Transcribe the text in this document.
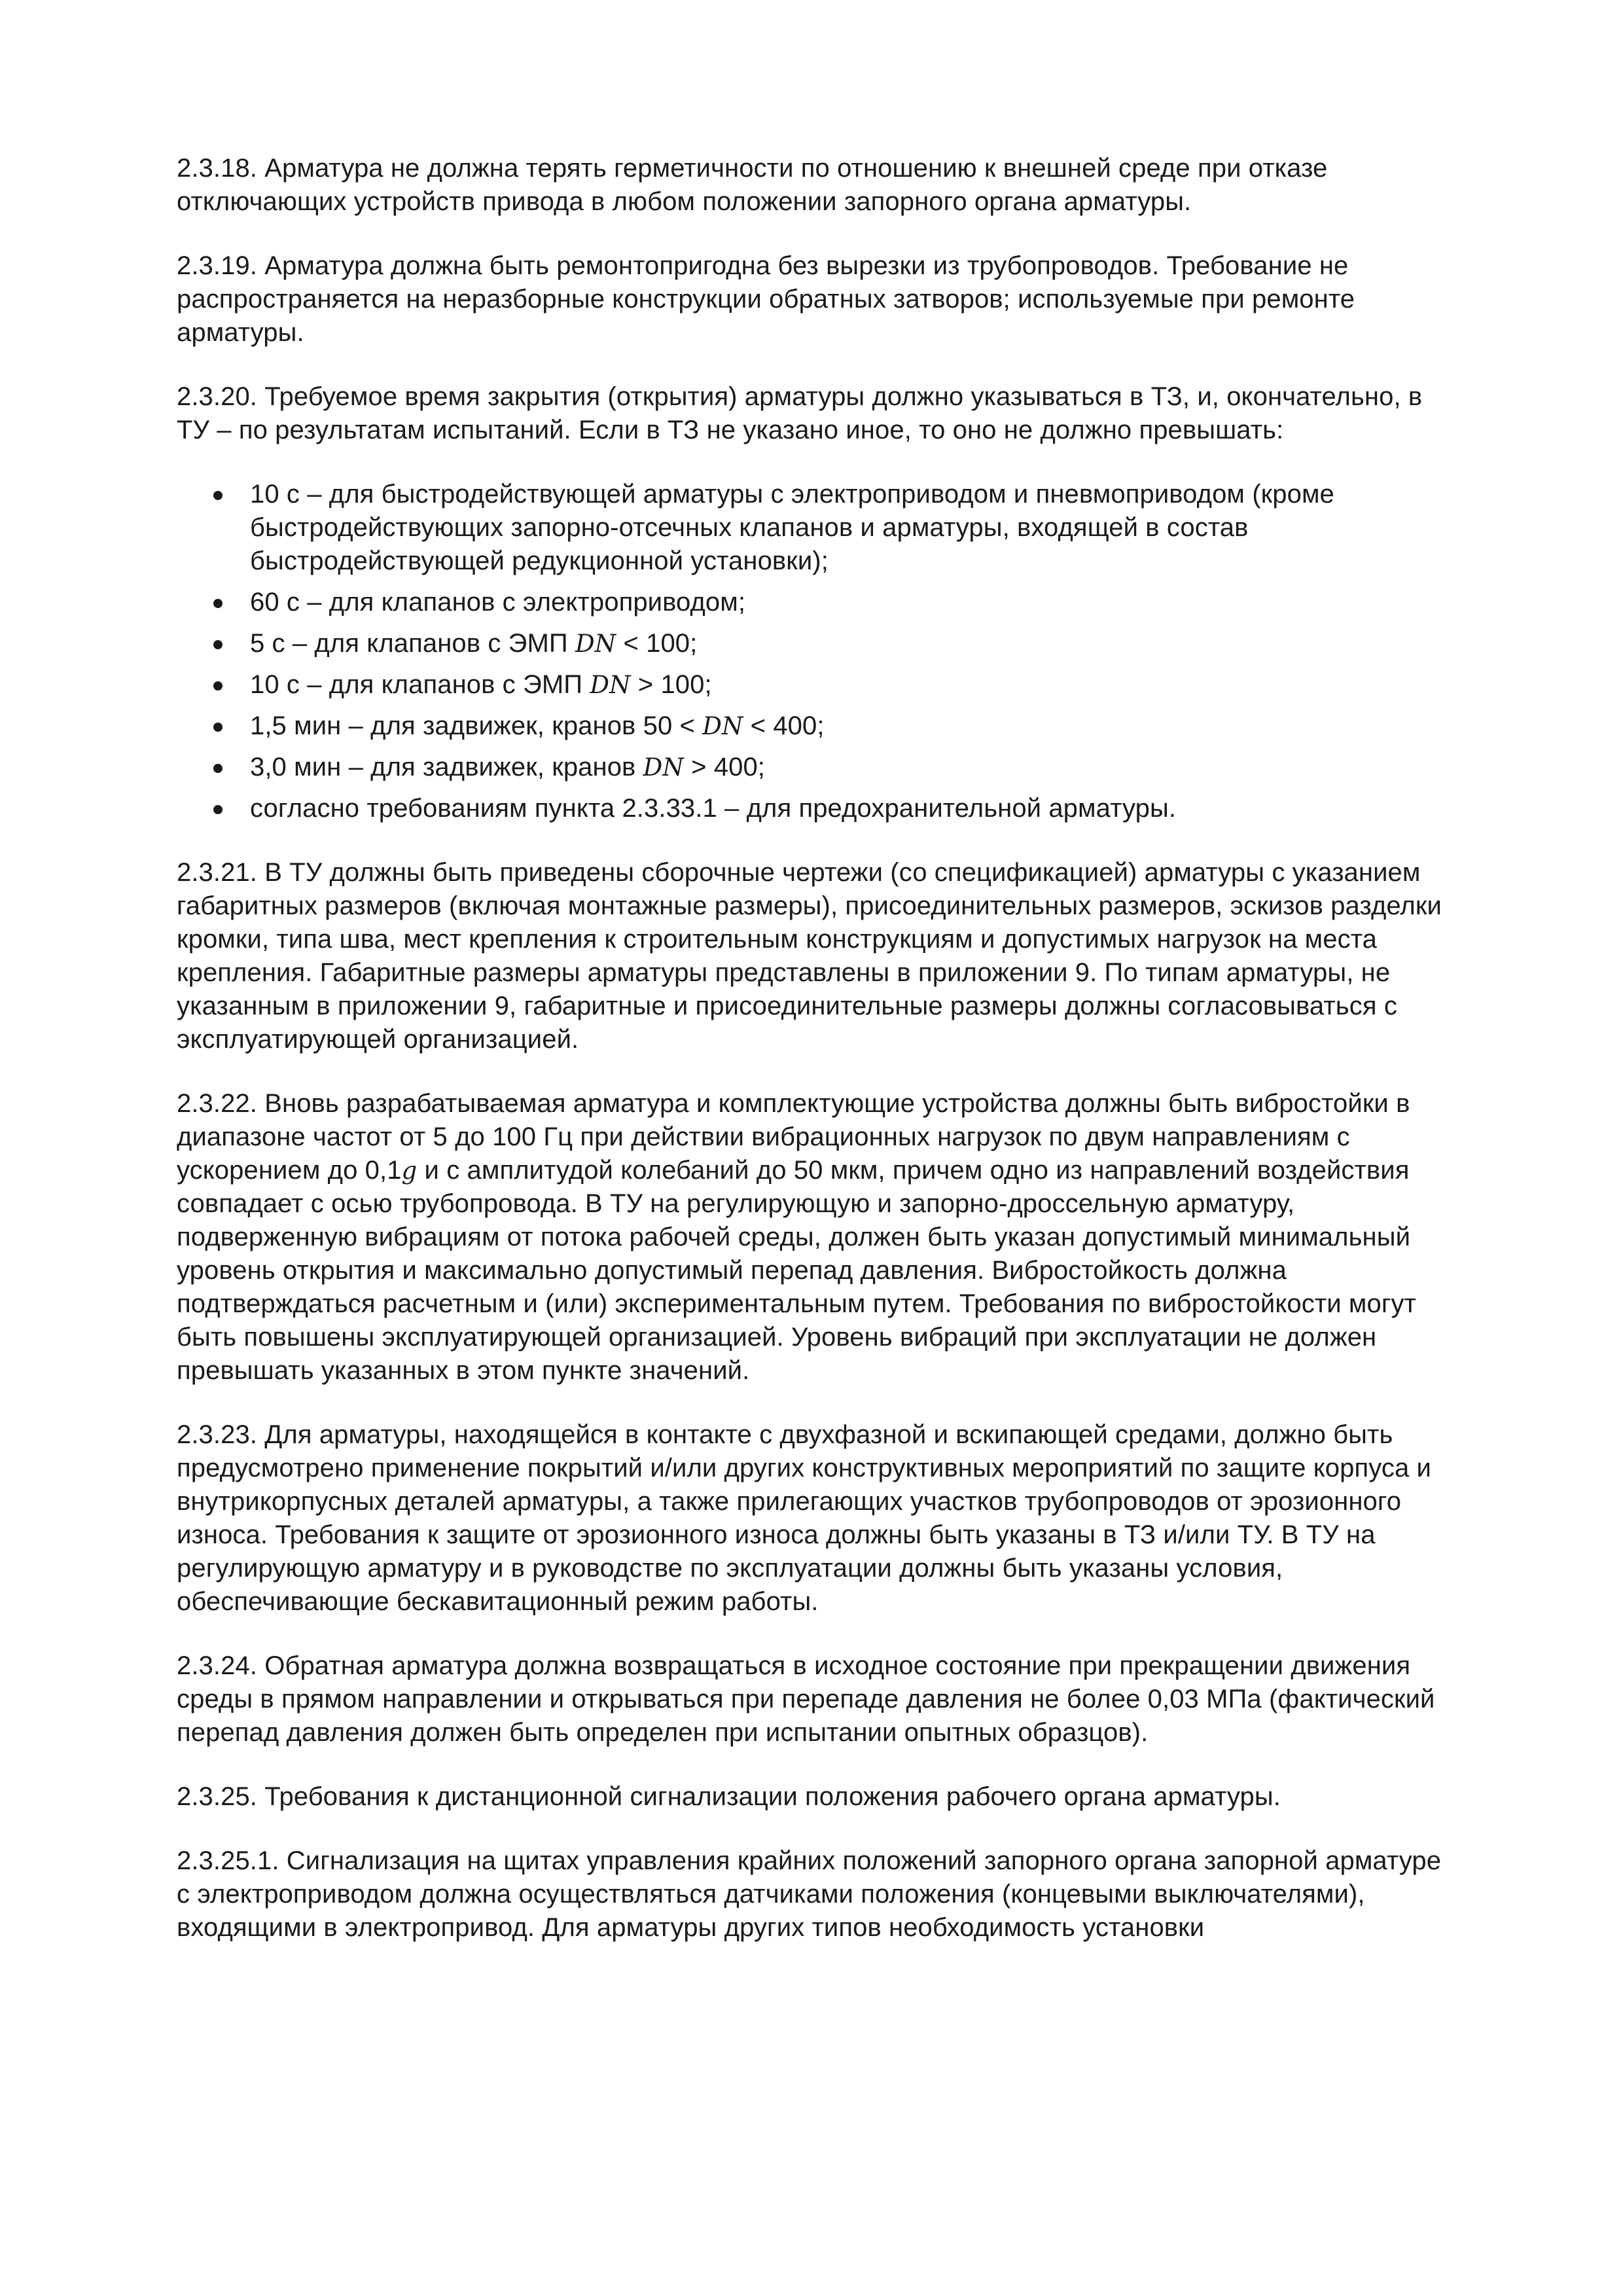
2.3.18. Арматура не должна терять герметичности по отношению к внешней среде при отказе отключающих устройств привода в любом положении запорного органа арматуры.

2.3.19. Арматура должна быть ремонтопригодна без вырезки из трубопроводов. Требование не распространяется на неразборные конструкции обратных затворов; используемые при ремонте арматуры.

2.3.20. Требуемое время закрытия (открытия) арматуры должно указываться в ТЗ, и, окончательно, в ТУ – по результатам испытаний. Если в ТЗ не указано иное, то оно не должно превышать:

10 с – для быстродействующей арматуры с электроприводом и пневмоприводом (кроме быстродействующих запорно-отсечных клапанов и арматуры, входящей в состав быстродействующей редукционной установки);
60 с – для клапанов с электроприводом;
5 с – для клапанов с ЭМП DN < 100;
10 с – для клапанов с ЭМП DN > 100;
1,5 мин – для задвижек, кранов 50 < DN < 400;
3,0 мин – для задвижек, кранов DN > 400;
согласно требованиям пункта 2.3.33.1 – для предохранительной арматуры.

2.3.21. В ТУ должны быть приведены сборочные чертежи (со спецификацией) арматуры с указанием габаритных размеров (включая монтажные размеры), присоединительных размеров, эскизов разделки кромки, типа шва, мест крепления к строительным конструкциям и допустимых нагрузок на места крепления. Габаритные размеры арматуры представлены в приложении 9. По типам арматуры, не указанным в приложении 9, габаритные и присоединительные размеры должны согласовываться с эксплуатирующей организацией.

2.3.22. Вновь разрабатываемая арматура и комплектующие устройства должны быть вибростойки в диапазоне частот от 5 до 100 Гц при действии вибрационных нагрузок по двум направлениям с ускорением до 0,1g и с амплитудой колебаний до 50 мкм, причем одно из направлений воздействия совпадает с осью трубопровода. В ТУ на регулирующую и запорно-дроссельную арматуру, подверженную вибрациям от потока рабочей среды, должен быть указан допустимый минимальный уровень открытия и максимально допустимый перепад давления. Вибростойкость должна подтверждаться расчетным и (или) экспериментальным путем. Требования по вибростойкости могут быть повышены эксплуатирующей организацией. Уровень вибраций при эксплуатации не должен превышать указанных в этом пункте значений.

2.3.23. Для арматуры, находящейся в контакте с двухфазной и вскипающей средами, должно быть предусмотрено применение покрытий и/или других конструктивных мероприятий по защите корпуса и внутрикорпусных деталей арматуры, а также прилегающих участков трубопроводов от эрозионного износа. Требования к защите от эрозионного износа должны быть указаны в ТЗ и/или ТУ. В ТУ на регулирующую арматуру и в руководстве по эксплуатации должны быть указаны условия, обеспечивающие бескавитационный режим работы.

2.3.24. Обратная арматура должна возвращаться в исходное состояние при прекращении движения среды в прямом направлении и открываться при перепаде давления не более 0,03 МПа (фактический перепад давления должен быть определен при испытании опытных образцов).

2.3.25. Требования к дистанционной сигнализации положения рабочего органа арматуры.

2.3.25.1. Сигнализация на щитах управления крайних положений запорного органа запорной арматуре с электроприводом должна осуществляться датчиками положения (концевыми выключателями), входящими в электропривод. Для арматуры других типов необходимость установки
